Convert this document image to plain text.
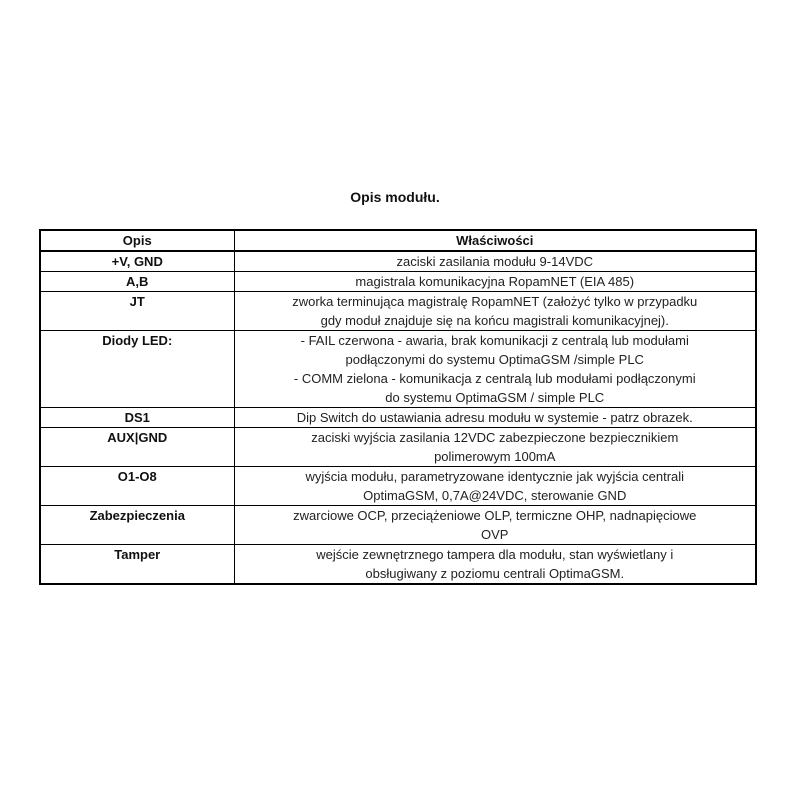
Opis modułu.
Opis	Właściwości
+V, GND	zaciski zasilania modułu 9-14VDC

A,B	magistrala komunikacyjna RopamNET (EIA 485)

JT	zworka terminująca magistralę RopamNET (założyć tylko w przypadku
gdy moduł znajduje się na końcu magistrali komunikacyjnej).

Diody LED:	- FAIL czerwona - awaria, brak komunikacji z centralą lub modułami
podłączonymi do systemu OptimaGSM /simple PLC
- COMM zielona - komunikacja z centralą lub modułami podłączonymi
do systemu OptimaGSM / simple PLC

DS1	Dip Switch do ustawiania adresu modułu w systemie - patrz obrazek.

AUX|GND	zaciski wyjścia zasilania 12VDC zabezpieczone bezpiecznikiem
polimerowym 100mA

O1-O8	wyjścia modułu, parametryzowane identycznie jak wyjścia centrali
OptimaGSM, 0,7A@24VDC, sterowanie GND

Zabezpieczenia	zwarciowe OCP, przeciążeniowe OLP, termiczne OHP, nadnapięciowe
OVP

Tamper	wejście zewnętrznego tampera dla modułu, stan wyświetlany i
obsługiwany z poziomu centrali OptimaGSM.
